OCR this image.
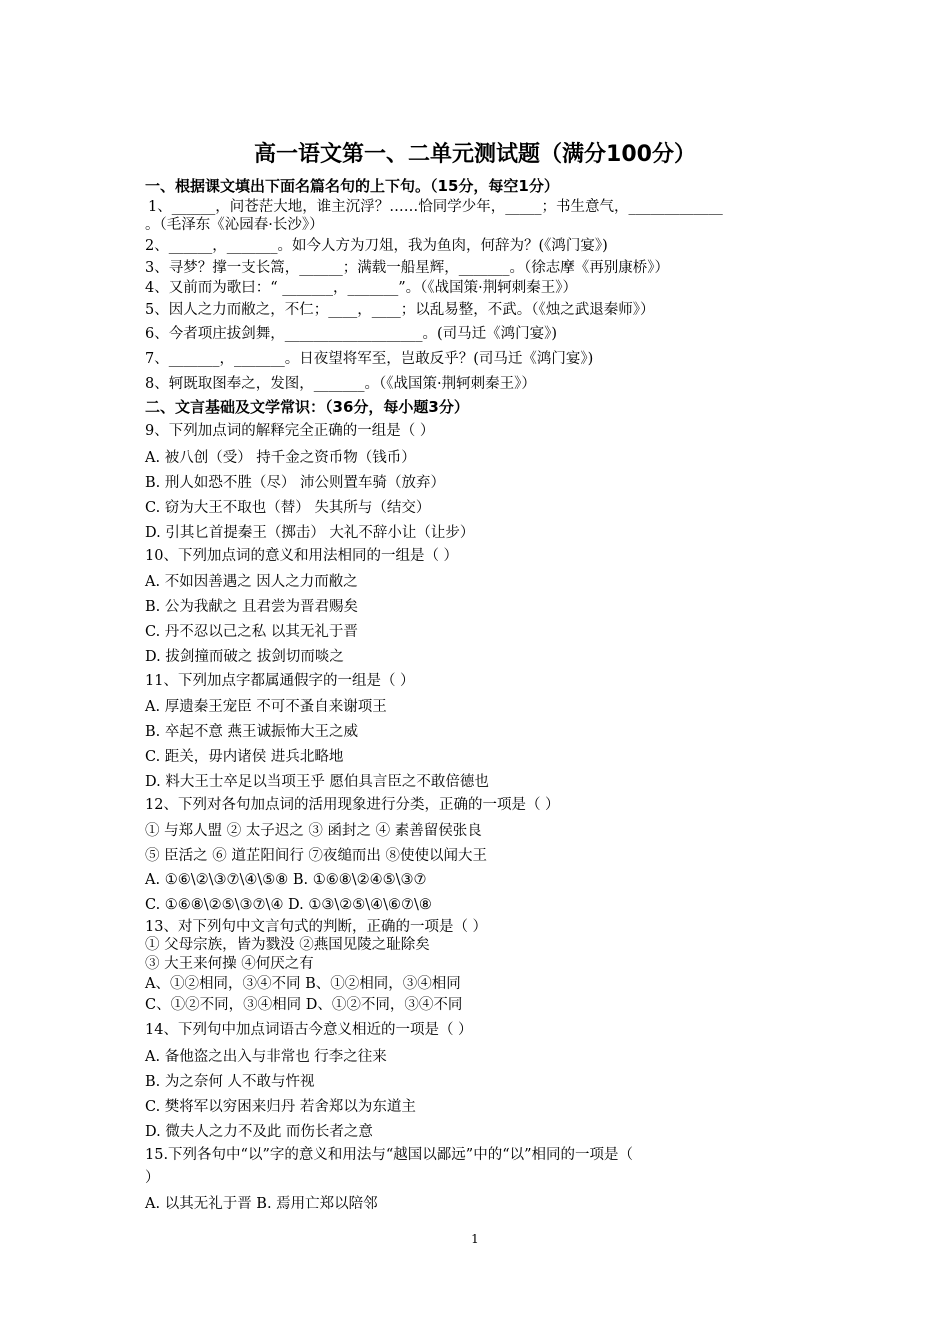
高一语文第一、二单元测试题（满分100分）
一、根据课文填出下面名篇名句的上下句。（15分，每空1分）
1、______，问苍茫大地，谁主沉浮？……恰同学少年，_____；书生意气，_____________
。（毛泽东《沁园春·长沙》）
2、______，_______。如今人方为刀俎，我为鱼肉，何辞为？(《鸿门宴》)
3、寻梦？撑一支长篙，______；满载一船星辉，_______。（徐志摩《再别康桥》）
4、又前而为歌曰：“ _______，_______”。（《战国策·荆轲刺秦王》）
5、因人之力而敝之，不仁；____，____；以乱易整，不武。（《烛之武退秦师》）
6、今者项庄拔剑舞，___________________。(司马迁《鸿门宴》)
7、_______，_______。日夜望将军至，岂敢反乎？(司马迁《鸿门宴》)
8、轲既取图奉之，发图，_______。（《战国策·荆轲刺秦王》）
二、文言基础及文学常识：（36分，每小题3分）
9、下列加点词的解释完全正确的一组是（ ）
A. 被八创（受） 持千金之资币物（钱币）
B. 刑人如恐不胜（尽） 沛公则置车骑（放弃）
C. 窃为大王不取也（替） 失其所与（结交）
D. 引其匕首提秦王（掷击） 大礼不辞小让（让步）
10、下列加点词的意义和用法相同的一组是（ ）
A. 不如因善遇之 因人之力而敝之
B. 公为我献之 且君尝为晋君赐矣
C. 丹不忍以己之私 以其无礼于晋
D. 拔剑撞而破之 拔剑切而啖之
11、下列加点字都属通假字的一组是（ ）
A. 厚遗秦王宠臣 不可不蚤自来谢项王
B. 卒起不意 燕王诚振怖大王之威
C. 距关，毋内诸侯 进兵北略地
D. 料大王士卒足以当项王乎 愿伯具言臣之不敢倍德也
12、下列对各句加点词的活用现象进行分类，正确的一项是（ ）
① 与郑人盟 ② 太子迟之 ③ 函封之 ④ 素善留侯张良
⑤ 臣活之 ⑥ 道芷阳间行 ⑦夜缒而出 ⑧使使以闻大王
A. ①⑥\②\③⑦\④\⑤⑧ B. ①⑥⑧\②④⑤\③⑦
C. ①⑥⑧\②⑤\③⑦\④ D. ①③\②⑤\④\⑥⑦\⑧
13、对下列句中文言句式的判断，正确的一项是（ ）
① 父母宗族，皆为戮没 ②燕国见陵之耻除矣
③ 大王来何操 ④何厌之有
A、①②相同，③④不同 B、①②相同，③④相同
C、①②不同，③④相同 D、①②不同，③④不同
14、下列句中加点词语古今意义相近的一项是（ ）
A. 备他盗之出入与非常也 行李之往来
B. 为之奈何 人不敢与忤视
C. 樊将军以穷困来归丹 若舍郑以为东道主
D. 微夫人之力不及此 而伤长者之意
15.下列各句中“以”字的意义和用法与“越国以鄙远”中的“以”相同的一项是（
）
A. 以其无礼于晋 B. 焉用亡郑以陪邻
1
